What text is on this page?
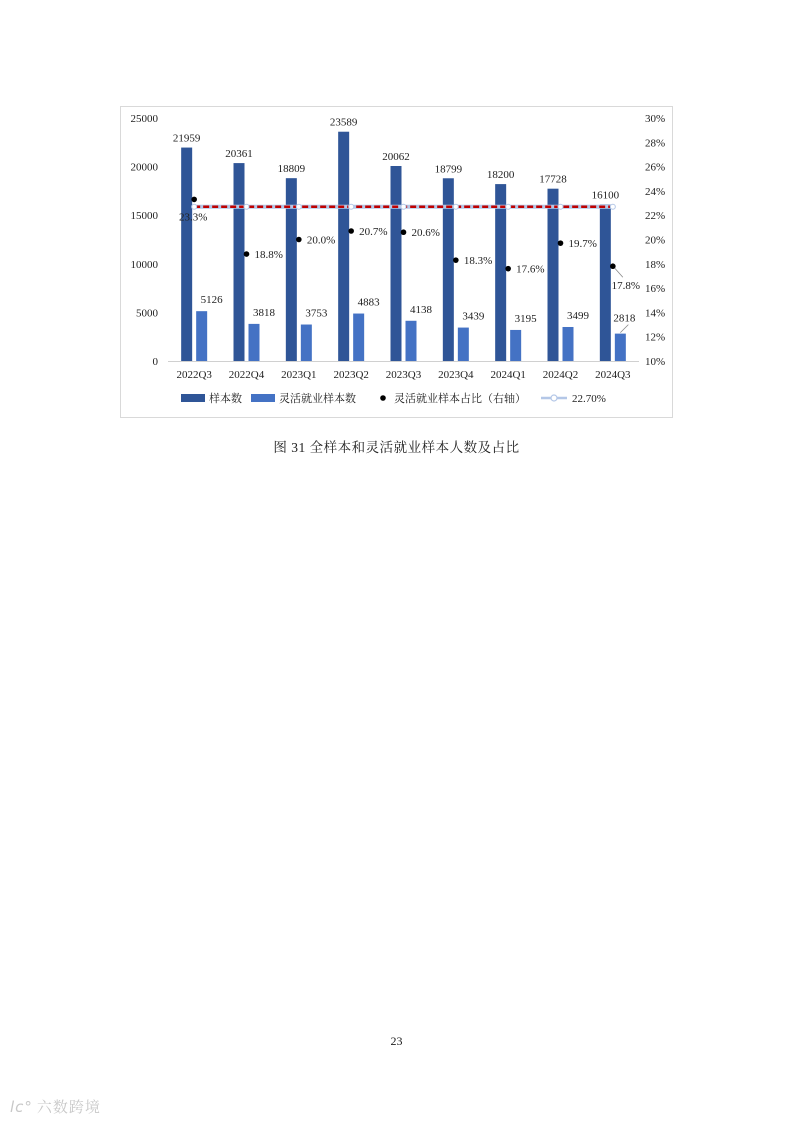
0
5000
10000
15000
20000
25000
10%
12%
14%
16%
18%
20%
22%
24%
26%
28%
30%
21959
5126
2022Q3
20361
3818
2022Q4
18809
3753
2023Q1
23589
4883
2023Q2
20062
4138
2023Q3
18799
3439
2023Q4
18200
3195
2024Q1
17728
3499
2024Q2
16100
2818
2024Q3
23.3%
18.8%
20.0%
20.7% 20.6%
18.3%
17.6%
19.7%
17.8%
样本数	灵活就业样本数	灵活就业样本占比（右轴）	22.70%
图 31 全样本和灵活就业样本人数及占比
23
lc° 六数跨境
